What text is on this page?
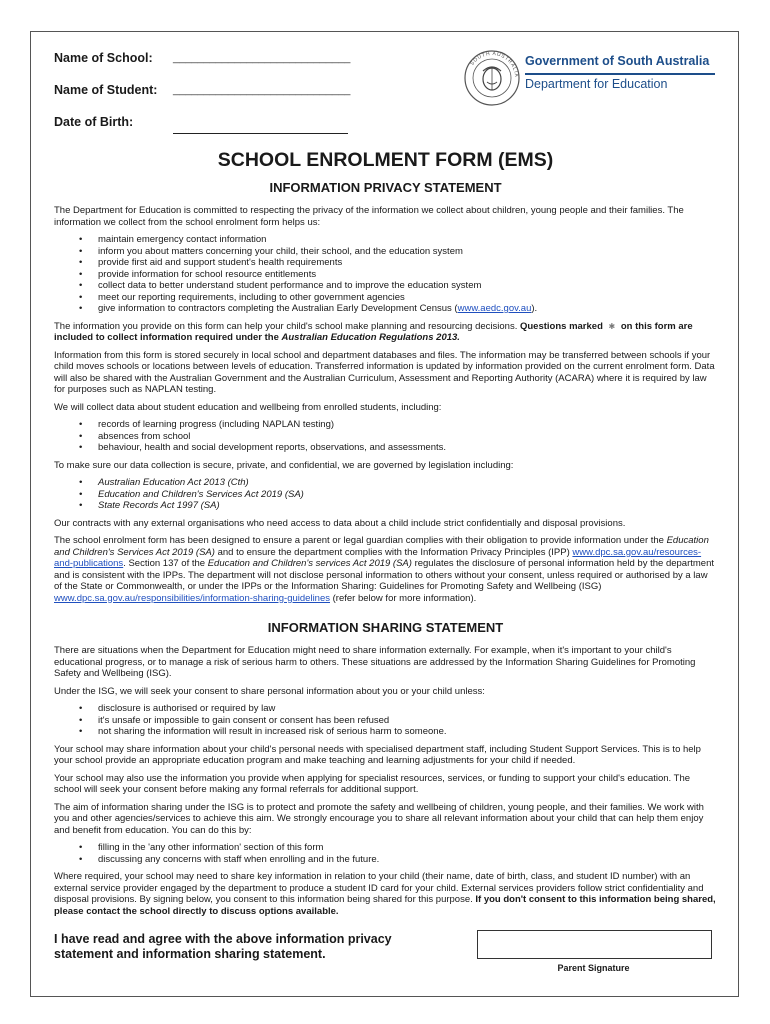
Name of School: _____________________________
Name of Student: _____________________________
Date of Birth:
SOUTH AUSTRALIA
Government of South Australia
Department for Education
SCHOOL ENROLMENT FORM (EMS)
INFORMATION PRIVACY STATEMENT

The Department for Education is committed to respecting the privacy of the information we collect about children, young people and their families. The information we collect from the school enrolment form helps us:

• maintain emergency contact information
• inform you about matters concerning your child, their school, and the education system
• provide first aid and support student's health requirements
• provide information for school resource entitlements
• collect data to better understand student performance and to improve the education system
• meet our reporting requirements, including to other government agencies
• give information to contractors completing the Australian Early Development Census (www.aedc.gov.au).

The information you provide on this form can help your child's school make planning and resourcing decisions. Questions marked ✱ on this form are included to collect information required under the Australian Education Regulations 2013.

Information from this form is stored securely in local school and department databases and files. The information may be transferred between schools if your child moves schools or locations between levels of education. Transferred information is updated by information provided on the current enrolment form. Data will also be shared with the Australian Government and the Australian Curriculum, Assessment and Reporting Authority (ACARA) where it is required by law for purposes such as NAPLAN testing.

We will collect data about student education and wellbeing from enrolled students, including:

• records of learning progress (including NAPLAN testing)
• absences from school
• behaviour, health and social development reports, observations, and assessments.

To make sure our data collection is secure, private, and confidential, we are governed by legislation including:

• Australian Education Act 2013 (Cth)
• Education and Children's Services Act 2019 (SA)
• State Records Act 1997 (SA)

Our contracts with any external organisations who need access to data about a child include strict confidentially and disposal provisions.

The school enrolment form has been designed to ensure a parent or legal guardian complies with their obligation to provide information under the Education and Children's Services Act 2019 (SA) and to ensure the department complies with the Information Privacy Principles (IPP) www.dpc.sa.gov.au/resources-and-publications. Section 137 of the Education and Children's services Act 2019 (SA) regulates the disclosure of personal information held by the department and is consistent with the IPPs. The department will not disclose personal information to others without your consent, unless required or authorised by a law of the State or Commonwealth, or under the IPPs or the Information Sharing: Guidelines for Promoting Safety and Wellbeing (ISG) www.dpc.sa.gov.au/responsibilities/information-sharing-guidelines (refer below for more information).

INFORMATION SHARING STATEMENT

There are situations when the Department for Education might need to share information externally. For example, when it's important to your child's educational progress, or to manage a risk of serious harm to others. These situations are addressed by the Information Sharing Guidelines for Promoting Safety and Wellbeing (ISG).

Under the ISG, we will seek your consent to share personal information about you or your child unless:

• disclosure is authorised or required by law
• it's unsafe or impossible to gain consent or consent has been refused
• not sharing the information will result in increased risk of serious harm to someone.

Your school may share information about your child's personal needs with specialised department staff, including Student Support Services. This is to help your school provide an appropriate education program and make teaching and learning adjustments for your child if needed.

Your school may also use the information you provide when applying for specialist resources, services, or funding to support your child's education. The school will seek your consent before making any formal referrals for additional support.

The aim of information sharing under the ISG is to protect and promote the safety and wellbeing of children, young people, and their families. We work with you and other agencies/services to achieve this aim. We strongly encourage you to share all relevant information about your child that can help them enjoy and benefit from education. You can do this by:

• filling in the 'any other information' section of this form
• discussing any concerns with staff when enrolling and in the future.

Where required, your school may need to share key information in relation to your child (their name, date of birth, class, and student ID number) with an external service provider engaged by the department to produce a student ID card for your child. External services providers follow strict confidentiality and disposal provisions. By signing below, you consent to this information being shared for this purpose. If you don't consent to this information being shared, please contact the school directly to discuss options available.

I have read and agree with the above information privacy statement and information sharing statement.
Parent Signature
